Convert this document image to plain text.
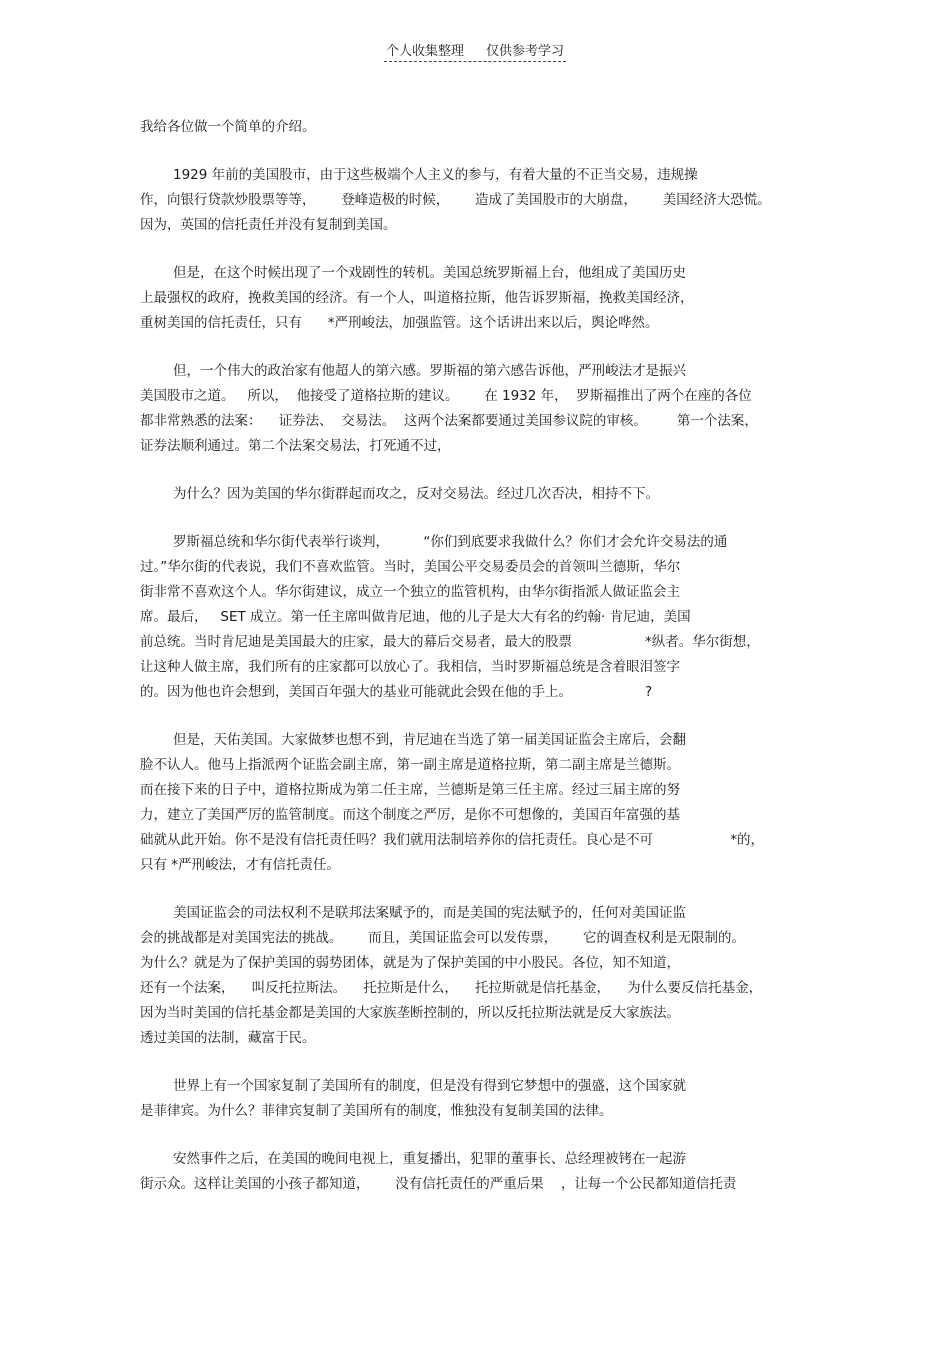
个人收集整理 仅供参考学习
我给各位做一个简单的介绍。
1929 年前的美国股市，由于这些极端个人主义的参与，有着大量的不正当交易，违规操
作，向银行贷款炒股票等等，      登峰造极的时候，      造成了美国股市的大崩盘，      美国经济大恐慌。
因为，英国的信托责任并没有复制到美国。
但是，在这个时候出现了一个戏剧性的转机。美国总统罗斯福上台，他组成了美国历史
上最强权的政府，挽救美国的经济。有一个人，叫道格拉斯，他告诉罗斯福，挽救美国经济，
重树美国的信托责任，只有      *严刑峻法，加强监管。这个话讲出来以后，舆论哗然。
但，一个伟大的政治家有他超人的第六感。罗斯福的第六感告诉他，严刑峻法才是振兴
美国股市之道。   所以，  他接受了道格拉斯的建议。      在 1932 年，  罗斯福推出了两个在座的各位
都非常熟悉的法案：    证券法、  交易法。  这两个法案都要通过美国参议院的审核。       第一个法案，
证券法顺利通过。第二个法案交易法，打死通不过，
为什么？因为美国的华尔街群起而攻之，反对交易法。经过几次否决，相持不下。
罗斯福总统和华尔街代表举行谈判，        “你们到底要求我做什么？你们才会允许交易法的通
过。”华尔街的代表说，我们不喜欢监管。当时，美国公平交易委员会的首领叫兰德斯，华尔
街非常不喜欢这个人。华尔街建议，成立一个独立的监管机构，由华尔街指派人做证监会主
席。最后，   SET 成立。第一任主席叫做肯尼迪，他的儿子是大大有名的约翰· 肯尼迪，美国
前总统。当时肯尼迪是美国最大的庄家，最大的幕后交易者，最大的股票                 *纵者。华尔街想，
让这种人做主席，我们所有的庄家都可以放心了。我相信，当时罗斯福总统是含着眼泪签字
的。因为他也许会想到，美国百年强大的基业可能就此会毁在他的手上。                 ?
但是，天佑美国。大家做梦也想不到，肯尼迪在当选了第一届美国证监会主席后，会翻
脸不认人。他马上指派两个证监会副主席，第一副主席是道格拉斯，第二副主席是兰德斯。
而在接下来的日子中，道格拉斯成为第二任主席，兰德斯是第三任主席。经过三届主席的努
力，建立了美国严厉的监管制度。而这个制度之严厉，是你不可想像的，美国百年富强的基
础就从此开始。你不是没有信托责任吗？我们就用法制培养你的信托责任。良心是不可                  *的，
只有 *严刑峻法，才有信托责任。
美国证监会的司法权利不是联邦法案赋予的，而是美国的宪法赋予的，任何对美国证监
会的挑战都是对美国宪法的挑战。      而且，美国证监会可以发传票，      它的调查权利是无限制的。
为什么？就是为了保护美国的弱势团体，就是为了保护美国的中小股民。各位，知不知道，
还有一个法案，    叫反托拉斯法。    托拉斯是什么，    托拉斯就是信托基金，    为什么要反信托基金，
因为当时美国的信托基金都是美国的大家族垄断控制的，所以反托拉斯法就是反大家族法。
透过美国的法制，藏富于民。
世界上有一个国家复制了美国所有的制度，但是没有得到它梦想中的强盛，这个国家就
是菲律宾。为什么？菲律宾复制了美国所有的制度，惟独没有复制美国的法律。
安然事件之后，在美国的晚间电视上，重复播出，犯罪的董事长、总经理被铐在一起游
街示众。这样让美国的小孩子都知道，      没有信托责任的严重后果    ，让每一个公民都知道信托责
